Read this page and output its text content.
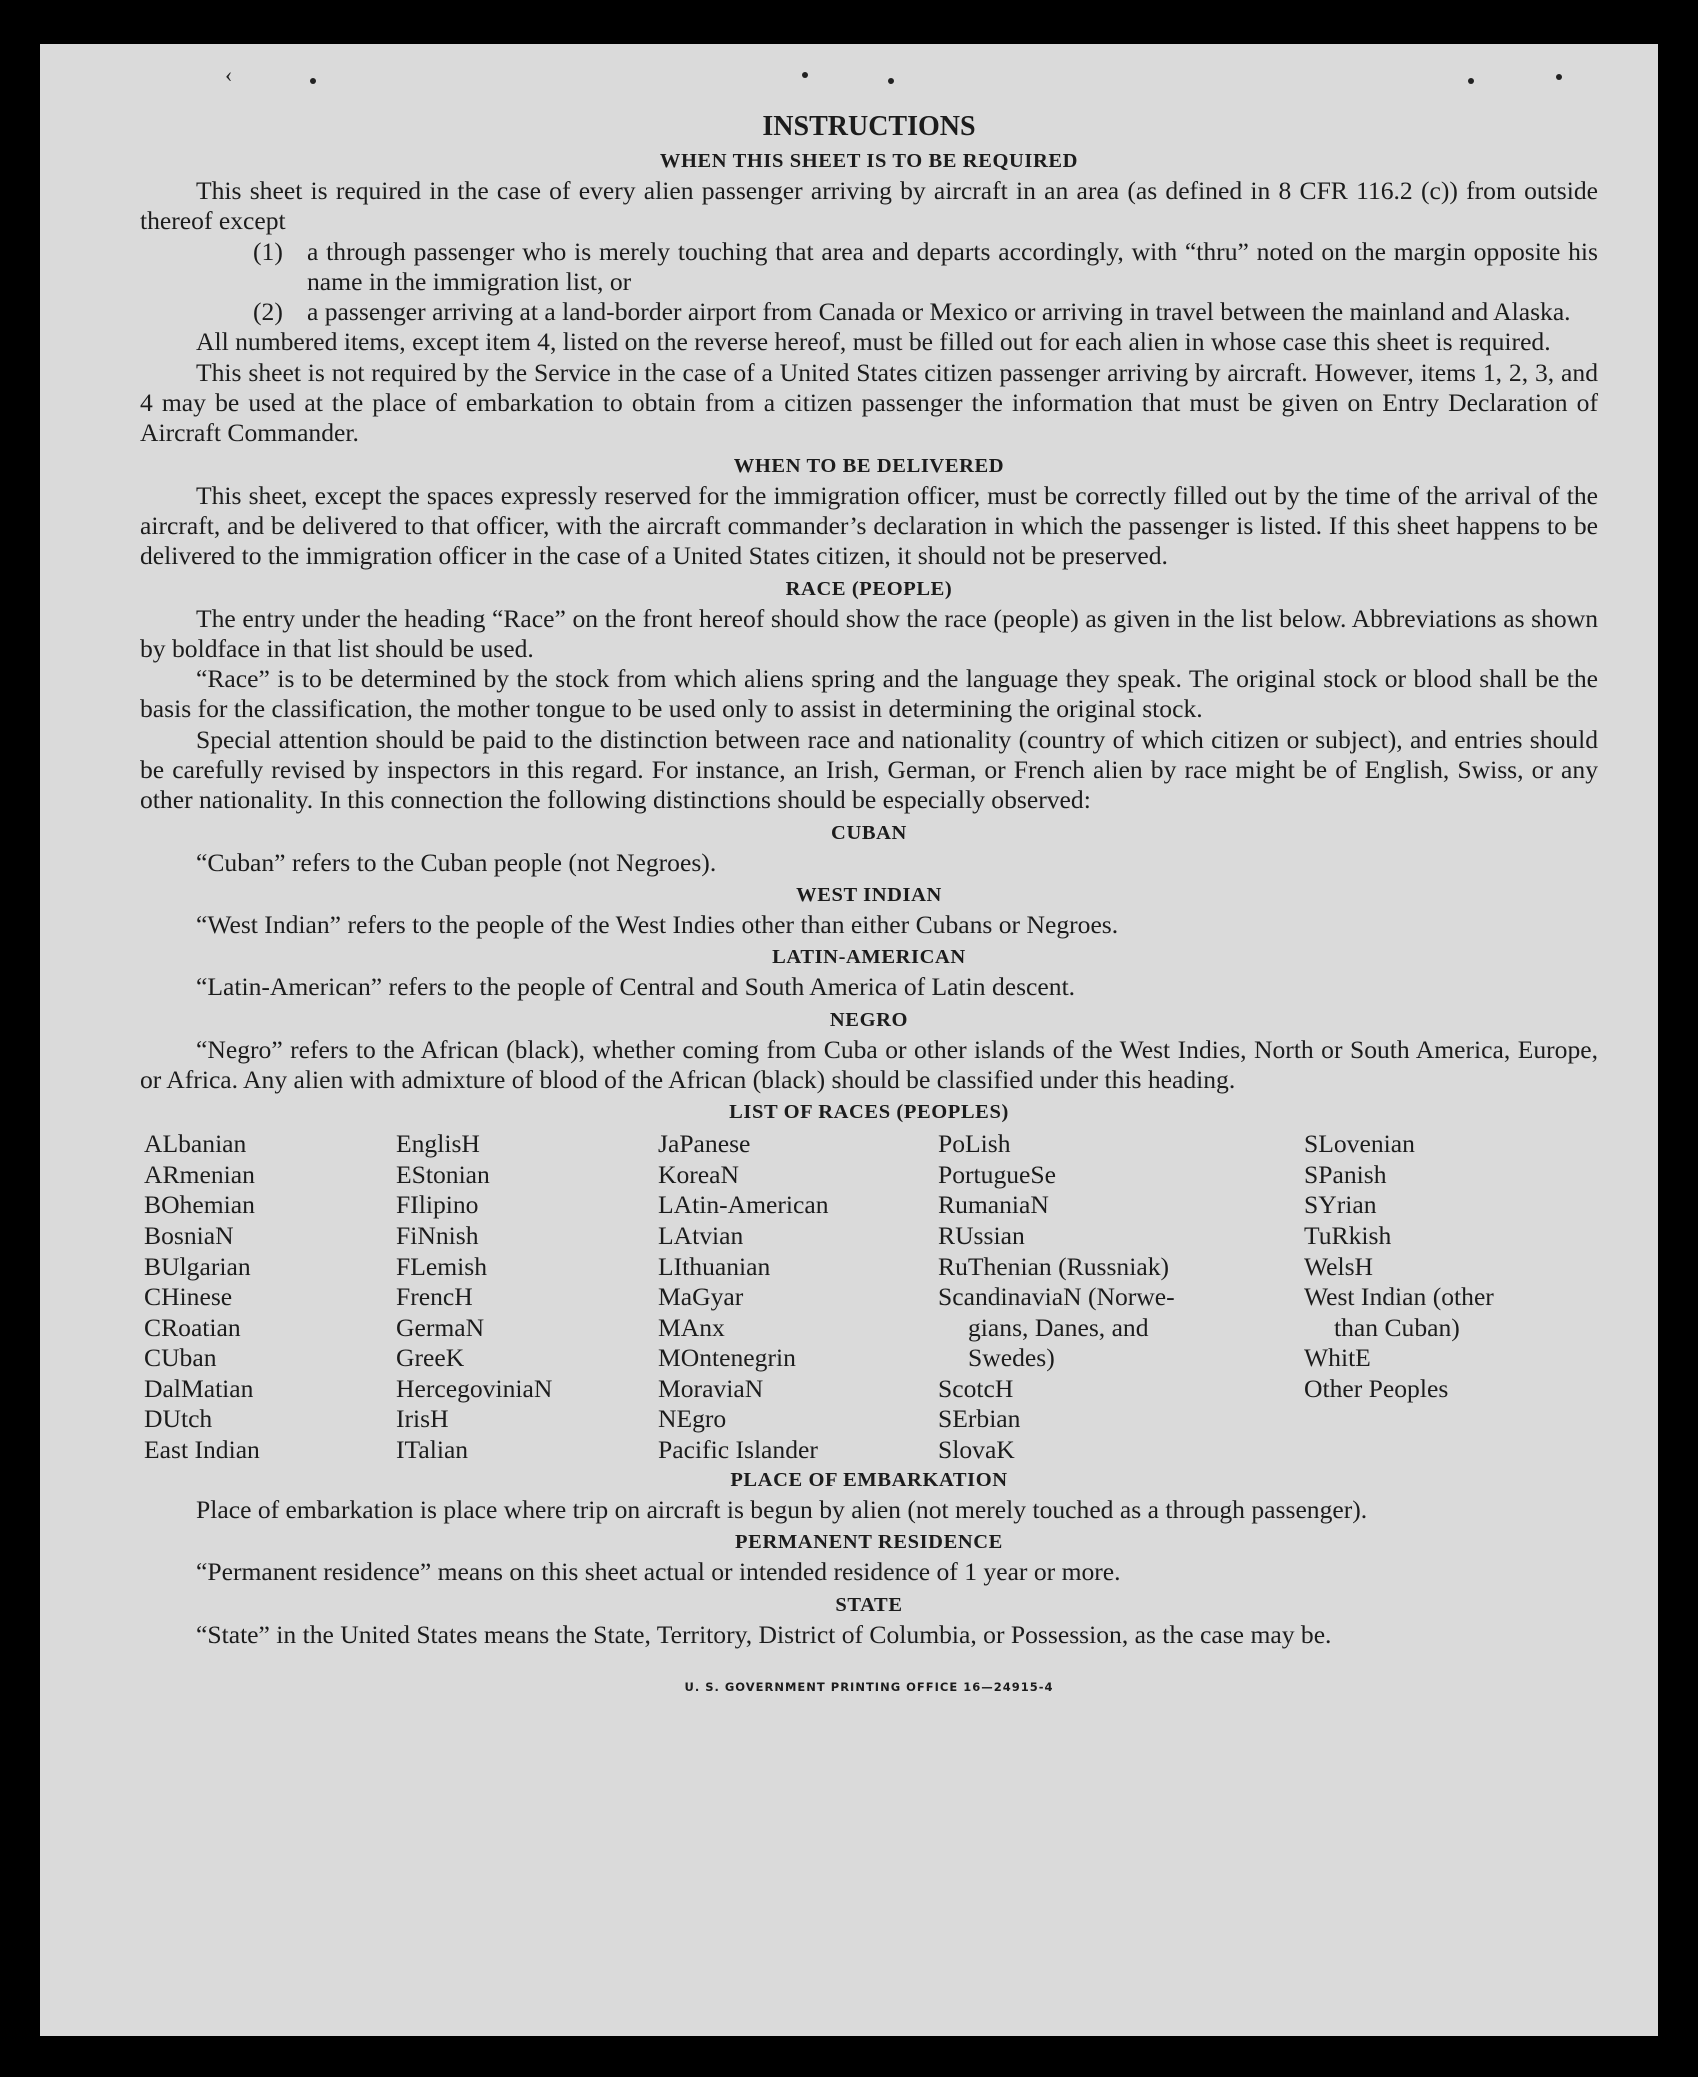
‹
INSTRUCTIONS
WHEN THIS SHEET IS TO BE REQUIRED

This sheet is required in the case of every alien passenger arriving by aircraft in an area (as defined in 8 CFR 116.2 (c)) from outside thereof except

(1) a through passenger who is merely touching that area and departs accordingly, with “thru” noted on the margin opposite his name in the immigration list, or

(2) a passenger arriving at a land-border airport from Canada or Mexico or arriving in travel between the mainland and Alaska.

All numbered items, except item 4, listed on the reverse hereof, must be filled out for each alien in whose case this sheet is required.

This sheet is not required by the Service in the case of a United States citizen passenger arriving by aircraft. However, items 1, 2, 3, and 4 may be used at the place of embarkation to obtain from a citizen passenger the information that must be given on Entry Declaration of Aircraft Commander.

WHEN TO BE DELIVERED

This sheet, except the spaces expressly reserved for the immigration officer, must be correctly filled out by the time of the arrival of the aircraft, and be delivered to that officer, with the aircraft commander’s declaration in which the passenger is listed. If this sheet happens to be delivered to the immigration officer in the case of a United States citizen, it should not be preserved.

RACE (PEOPLE)

The entry under the heading “Race” on the front hereof should show the race (people) as given in the list below. Abbreviations as shown by boldface in that list should be used.

“Race” is to be determined by the stock from which aliens spring and the language they speak. The original stock or blood shall be the basis for the classification, the mother tongue to be used only to assist in determining the original stock.

Special attention should be paid to the distinction between race and nationality (country of which citizen or subject), and entries should be carefully revised by inspectors in this regard. For instance, an Irish, German, or French alien by race might be of English, Swiss, or any other nationality. In this connection the following distinctions should be especially observed:

CUBAN

“Cuban” refers to the Cuban people (not Negroes).

WEST INDIAN

“West Indian” refers to the people of the West Indies other than either Cubans or Negroes.

LATIN-AMERICAN

“Latin-American” refers to the people of Central and South America of Latin descent.

NEGRO

“Negro” refers to the African (black), whether coming from Cuba or other islands of the West Indies, North or South America, Europe, or Africa. Any alien with admixture of blood of the African (black) should be classified under this heading.

LIST OF RACES (PEOPLES)
ALbanian
ARmenian
BOhemian
BosniaN
BUlgarian
CHinese
CRoatian
CUban
DalMatian
DUtch
East Indian
EnglisH
EStonian
FIlipino
FiNnish
FLemish
FrencH
GermaN
GreeK
HercegoviniaN
IrisH
ITalian
JaPanese
KoreaN
LAtin-American
LAtvian
LIthuanian
MaGyar
MAnx
MOntenegrin
MoraviaN
NEgro
Pacific Islander
PoLish
PortugueSe
RumaniaN
RUssian
RuThenian (Russniak)
ScandinaviaN (Norwe-
gians, Danes, and
Swedes)
ScotcH
SErbian
SlovaK
SLovenian
SPanish
SYrian
TuRkish
WelsH
West Indian (other
than Cuban)
WhitE
Other Peoples
PLACE OF EMBARKATION

Place of embarkation is place where trip on aircraft is begun by alien (not merely touched as a through passenger).

PERMANENT RESIDENCE

“Permanent residence” means on this sheet actual or intended residence of 1 year or more.

STATE

“State” in the United States means the State, Territory, District of Columbia, or Possession, as the case may be.

U. S. GOVERNMENT PRINTING OFFICE 16—24915-4
